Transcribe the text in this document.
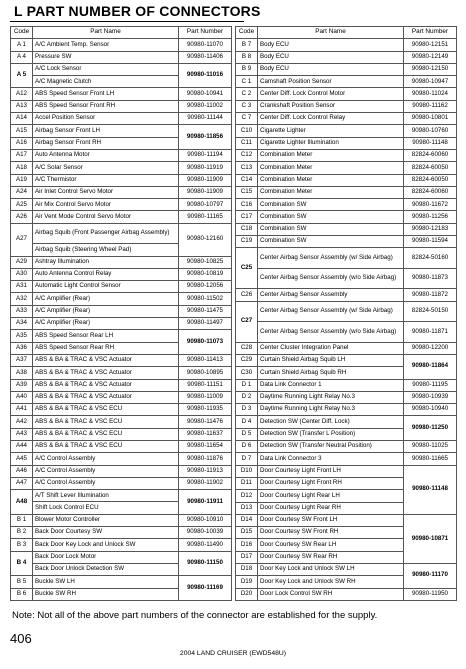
L PART NUMBER OF CONNECTORS
Code	Part Name	Part Number
A 1	A/C Ambient Temp. Sensor	90980-11070
A 4	Pressure SW	90980-11406
A 5	A/C Lock Sensor	90980-11016
	A/C Magnetic Clutch	
A12	ABS Speed Sensor Front LH	90980-10941
A13	ABS Speed Sensor Front RH	90980-11002
A14	Accel Position Sensor	90980-11144
A15	Airbag Sensor Front LH	90980-11856
A16	Airbag Sensor Front RH	
A17	Auto Antenna Motor	90980-11194
A18	A/C Solar Sensor	90980-11919
A19	A/C Thermistor	90980-11909
A24	Air Inlet Control Servo Motor	90980-11909
A25	Air Mix Control Servo Motor	90980-10797
A26	Air Vent Mode Control Servo Motor	90980-11165
A27	Airbag Squib (Front Passenger Airbag Assembly)	90980-12160
	Airbag Squib (Steering Wheel Pad)	
A29	Ashtray Illumination	90980-10825
A30	Auto Antenna Control Relay	90980-10819
A31	Automatic Light Control Sensor	90980-12056
A32	A/C Amplifier (Rear)	90980-11502
A33	A/C Amplifier (Rear)	90980-11475
A34	A/C Amplifier (Rear)	90980-11497
A35	ABS Speed Sensor Rear LH	90980-11073
A36	ABS Speed Sensor Rear RH	
A37	ABS & BA & TRAC & VSC Actuator	90980-11413
A38	ABS & BA & TRAC & VSC Actuator	90980-10895
A39	ABS & BA & TRAC & VSC Actuator	90980-11151
A40	ABS & BA & TRAC & VSC Actuator	90980-11009
A41	ABS & BA & TRAC & VSC ECU	90980-11935
A42	ABS & BA & TRAC & VSC ECU	90980-11476
A43	ABS & BA & TRAC & VSC ECU	90980-11637
A44	ABS & BA & TRAC & VSC ECU	90980-11654
A45	A/C Control Assembly	90980-11876
A46	A/C Control Assembly	90980-11913
A47	A/C Control Assembly	90980-11902
A48	A/T Shift Lever Illumination	90980-11911
	Shift Lock Control ECU	
B 1	Blower Motor Controller	90980-10910
B 2	Back Door Courtesy SW	90980-10039
B 3	Back Door Key Lock and Unlock SW	90980-11490
B 4	Back Door Lock Motor	90980-11150
	Back Door Unlock Detection SW	
B 5	Buckle SW LH	90980-11169
B 6	Buckle SW RH	
Code	Part Name	Part Number
B 7	Body ECU	90980-12151
B 8	Body ECU	90980-12149
B 9	Body ECU	90980-12150
C 1	Camshaft Position Sensor	90980-10947
C 2	Center Diff. Lock Control Motor	90980-11024
C 3	Crankshaft Position Sensor	90980-11162
C 7	Center Diff. Lock Control Relay	90980-10801
C10	Cigarette Lighter	90980-10760
C11	Cigarette Lighter Illumination	90980-11148
C12	Combination Meter	82824-60060
C13	Combination Meter	82824-60050
C14	Combination Meter	82824-60050
C15	Combination Meter	82824-60060
C16	Combination SW	90980-11672
C17	Combination SW	90980-11256
C18	Combination SW	90980-12183
C19	Combination SW	90980-11594
C25	Center Airbag Sensor Assembly (w/ Side Airbag)	82824-50160
	Center Airbag Sensor Assembly (w/o Side Airbag)	90980-11873
C26	Center Airbag Sensor Assembly	90980-11872
C27	Center Airbag Sensor Assembly (w/ Side Airbag)	82824-50150
	Center Airbag Sensor Assembly (w/o Side Airbag)	90980-11871
C28	Center Cluster Integration Panel	90980-12200
C29	Curtain Shield Airbag Squib LH	90980-11864
C30	Curtain Shield Airbag Squib RH	
D 1	Data Link Connector 1	90980-11195
D 2	Daytime Running Light Relay No.3	90980-10939
D 3	Daytime Running Light Relay No.3	90980-10940
D 4	Detection SW (Center Diff. Lock)	90980-11250
D 5	Detection SW (Transfer L Position)	
D 6	Detection SW (Transfer Neutral Position)	90980-11025
D 7	Data Link Connector 3	90980-11665
D10	Door Courtesy Light Front LH	90980-11148
D11	Door Courtesy Light Front RH	
D12	Door Courtesy Light Rear LH	
D13	Door Courtesy Light Rear RH	
D14	Door Courtesy SW Front LH	90980-10871
D15	Door Courtesy SW Front RH	
D16	Door Courtesy SW Rear LH	
D17	Door Courtesy SW Rear RH	
D18	Door Key Lock and Unlock SW LH	90980-11170
D19	Door Key Lock and Unlock SW RH	
D20	Door Lock Control SW RH	90980-11950
Note: Not all of the above part numbers of the connector are established for the supply.
406
2004 LAND CRUISER (EWD548U)
